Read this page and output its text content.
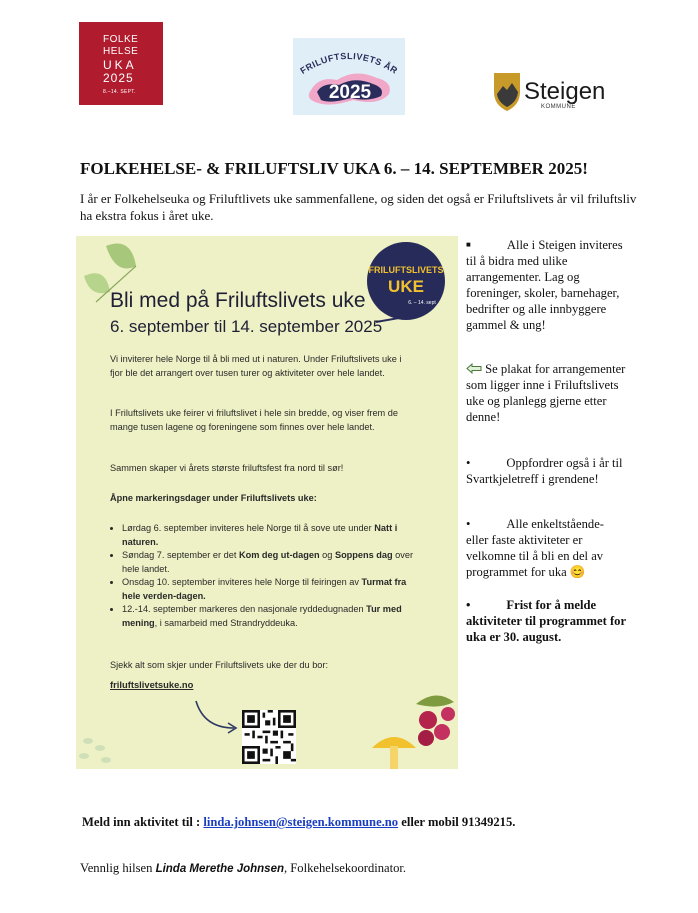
FOLKE
HELSE
UKA
2025
8.–14. SEPT.
FRILUFTSLIVETS ÅR
2025	Steigen
KOMMUNE
FOLKEHELSE- & FRILUFTSLIV UKA 6. – 14. SEPTEMBER 2025!
I år er Folkehelseuka og Friluftlivets uke sammenfallene, og siden det også er Friluftslivets år vil friluftsliv ha ekstra fokus i året uke.
FRILUFTSLIVETS
UKE
6. – 14. sept
Bli med på Friluftslivets uke
6. september til 14. september 2025
Vi inviterer hele Norge til å bli med ut i naturen. Under Friluftslivets uke i fjor ble det arrangert over tusen turer og aktiviteter over hele landet.
I Friluftslivets uke feirer vi friluftslivet i hele sin bredde, og viser frem de mange tusen lagene og foreningene som finnes over hele landet.
Sammen skaper vi årets største friluftsfest fra nord til sør!
Åpne markeringsdager under Friluftslivets uke:
• Lørdag 6. september inviteres hele Norge til å sove ute under Natt i naturen.
• Søndag 7. september er det Kom deg ut-dagen og Soppens dag over hele landet.
• Onsdag 10. september inviteres hele Norge til feiringen av Turmat fra hele verden-dagen.
• 12.-14. september markeres den nasjonale ryddedugnaden Tur med mening, i samarbeid med Strandryddeuka.
Sjekk alt som skjer under Friluftslivets uke der du bor:
friluftslivetsuke.no
■	Alle i Steigen inviteres til å bidra med ulike arrangementer. Lag og foreninger, skoler, barnehager, bedrifter og alle innbyggere gammel & ung!
Se plakat for arrangementer som ligger inne i Friluftslivets uke og planlegg gjerne etter denne!
•	Oppfordrer også i år til Svartkjeletreff i grendene!
•	Alle enkeltstående- eller faste aktiviteter er velkomne til å bli en del av programmet for uka 😊
•	Frist for å melde aktiviteter til programmet for uka er 30. august.
Meld inn aktivitet til : linda.johnsen@steigen.kommune.no eller mobil 91349215.
Vennlig hilsen Linda Merethe Johnsen, Folkehelsekoordinator.
